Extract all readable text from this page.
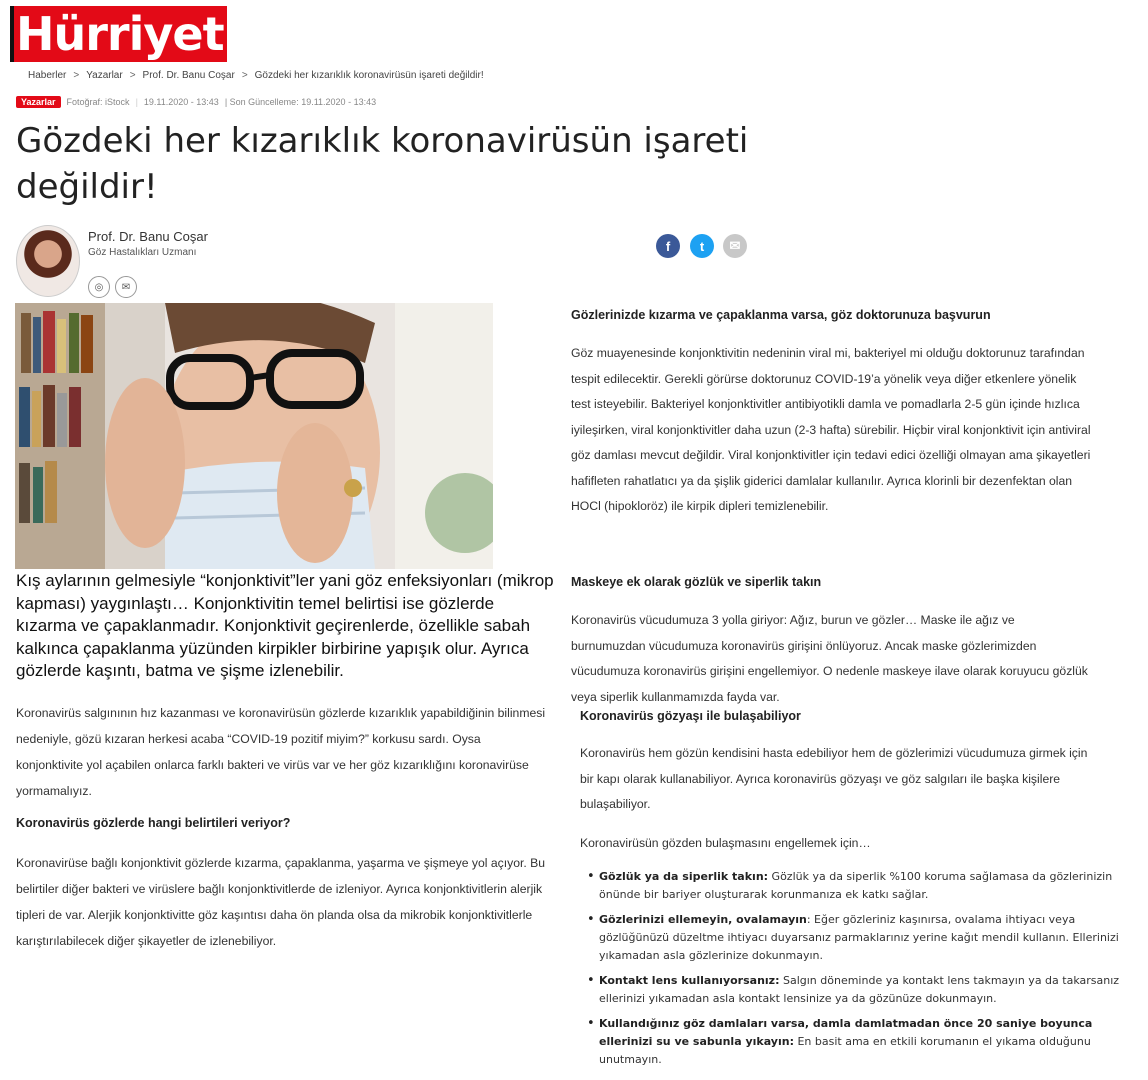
Hürriyet
Haberler > Yazarlar > Prof. Dr. Banu Coşar > Gözdeki her kızarıklık koronavirüsün işareti değildir!
Yazarlar	Fotoğraf: iStock | 19.11.2020 - 13:43 | Son Güncelleme: 19.11.2020 - 13:43
Gözdeki her kızarıklık koronavirüsün işareti değildir!
Prof. Dr. Banu Coşar
Göz Hastalıkları Uzmanı
◎	✉
f	t	✉
Kış aylarının gelmesiyle “konjonktivit”ler yani göz enfeksiyonları (mikrop kapması) yaygınlaştı… Konjonktivitin temel belirtisi ise gözlerde kızarma ve çapaklanmadır. Konjonktivit geçirenlerde, özellikle sabah kalkınca çapaklanma yüzünden kirpikler birbirine yapışık olur. Ayrıca gözlerde kaşıntı, batma ve şişme izlenebilir.

Koronavirüs salgınının hız kazanması ve koronavirüsün gözlerde kızarıklık yapabildiğinin bilinmesi nedeniyle, gözü kızaran herkesi acaba “COVID-19 pozitif miyim?” korkusu sardı. Oysa konjonktivite yol açabilen onlarca farklı bakteri ve virüs var ve her göz kızarıklığını koronavirüse yormamalıyız.

Koronavirüs gözlerde hangi belirtileri veriyor?

Koronavirüse bağlı konjonktivit gözlerde kızarma, çapaklanma, yaşarma ve şişmeye yol açıyor. Bu belirtiler diğer bakteri ve virüslere bağlı konjonktivitlerde de izleniyor. Ayrıca konjonktivitlerin alerjik tipleri de var. Alerjik konjonktivitte göz kaşıntısı daha ön planda olsa da mikrobik konjonktivitlerle karıştırılabilecek diğer şikayetler de izlenebiliyor.

Gözlerinizde kızarma ve çapaklanma varsa, göz doktorunuza başvurun

Göz muayenesinde konjonktivitin nedeninin viral mi, bakteriyel mi olduğu doktorunuz tarafından tespit edilecektir. Gerekli görürse doktorunuz COVID-19’a yönelik veya diğer etkenlere yönelik test isteyebilir. Bakteriyel konjonktivitler antibiyotikli damla ve pomadlarla 2-5 gün içinde hızlıca iyileşirken, viral konjonktivitler daha uzun (2-3 hafta) sürebilir. Hiçbir viral konjonktivit için antiviral göz damlası mevcut değildir. Viral konjonktivitler için tedavi edici özelliği olmayan ama şikayetleri hafifleten rahatlatıcı ya da şişlik giderici damlalar kullanılır. Ayrıca klorinli bir dezenfektan olan HOCl (hipokloröz) ile kirpik dipleri temizlenebilir.

Maskeye ek olarak gözlük ve siperlik takın

Koronavirüs vücudumuza 3 yolla giriyor: Ağız, burun ve gözler… Maske ile ağız ve burnumuzdan vücudumuza koronavirüs girişini önlüyoruz. Ancak maske gözlerimizden vücudumuza koronavirüs girişini engellemiyor. O nedenle maskeye ilave olarak koruyucu gözlük veya siperlik kullanmamızda fayda var.

Koronavirüs gözyaşı ile bulaşabiliyor

Koronavirüs hem gözün kendisini hasta edebiliyor hem de gözlerimizi vücudumuza girmek için bir kapı olarak kullanabiliyor. Ayrıca koronavirüs gözyaşı ve göz salgıları ile başka kişilere bulaşabiliyor.
Koronavirüsün gözden bulaşmasını engellemek için…
• Gözlük ya da siperlik takın: Gözlük ya da siperlik %100 koruma sağlamasa da gözlerinizin önünde bir bariyer oluşturarak korunmanıza ek katkı sağlar.
• Gözlerinizi ellemeyin, ovalamayın: Eğer gözleriniz kaşınırsa, ovalama ihtiyacı veya gözlüğünüzü düzeltme ihtiyacı duyarsanız parmaklarınız yerine kağıt mendil kullanın. Ellerinizi yıkamadan asla gözlerinize dokunmayın.
• Kontakt lens kullanıyorsanız: Salgın döneminde ya kontakt lens takmayın ya da takarsanız ellerinizi yıkamadan asla kontakt lensinize ya da gözünüze dokunmayın.
• Kullandığınız göz damlaları varsa, damla damlatmadan önce 20 saniye boyunca ellerinizi su ve sabunla yıkayın: En basit ama en etkili korumanın el yıkama olduğunu unutmayın.
